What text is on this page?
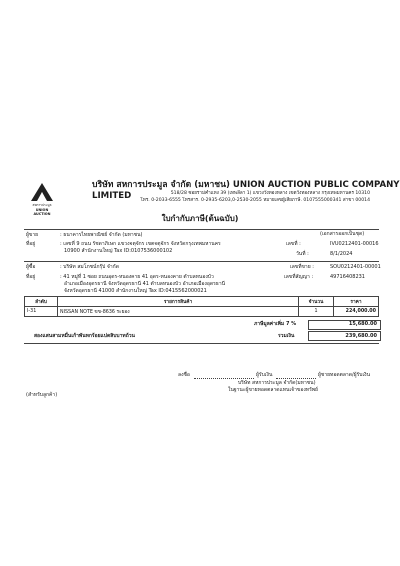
สหการประมูล
UNION AUCTION
บริษัท สหการประมูล จำกัด (มหาชน) UNION AUCTION PUBLIC COMPANY LIMITED	518/28 ซอยราม่คำแหง 39 (เทพลีลา 1) แขวงวังทองหลาง เขตวังทองหลาง กรุงเทพมหานคร 10310
โทร. 0-2033-6555 โทรสาร. 0-2935-6203,0-2530-2055 หมายเลขผู้เสียภาษี. 0107555000341 สาขา 00014
ใบกำกับภาษี(ต้นฉบับ)
(เอกสารออกเป็นชุด)
ผู้ขาย	: ธนาคารไทยพาณิชย์ จำกัด (มหาชน)
ที่อยู่	: เลขที่ 9 ถนน รัชดาภิเษก แขวงจตุจักร เขตจตุจักร จังหวัดกรุงเทพมหานคร
10900 สำนักงานใหญ่ Tax ID:0107536000102
เลขที่ :	IVU0212401-00016
วันที่ :	8/1/2024
ผู้ซื้อ	: บริษัท สมโภชน์กรุ๊ป จำกัด
ที่อยู่	: 41 หมู่ที่ 1 ซอย ถนนอุดร-หนองคาย 41 อุดร-หนองคาย ตำบลหนองบัว
อำเภอเมืองอุดรธานี จังหวัดอุดรธานี 41 ตำบลหนองบัว อำเภอเมืองอุดรธานี
จังหวัดอุดรธานี 41000 สำนักงานใหญ่ Tax ID:0415562000021
เลขที่ขาย :	SOU0212401-00001
เลขที่สัญญา :	49716408231
ลำดับ	รายการสินค้า	จำนวน	ราคา
I-31	NISSAN NOTE ขข-8636 ระยอง	1	224,000.00
ภาษีมูลค่าเพิ่ม 7 %	15,680.00
สองแสนสามหมื่นเก้าพันหกร้อยแปดสิบบาทถ้วน	รวมเงิน	239,680.00
ลงชื่อ	ผู้รับเงิน	ผู้ชายทอดตลาด/ผู้รับเงิน
บริษัท สหการประมูล จำกัด(มหาชน)
ในฐานะผู้ขายทอดตลาดแทนเจ้าของทรัพย์
(สำหรับลูกค้า)
